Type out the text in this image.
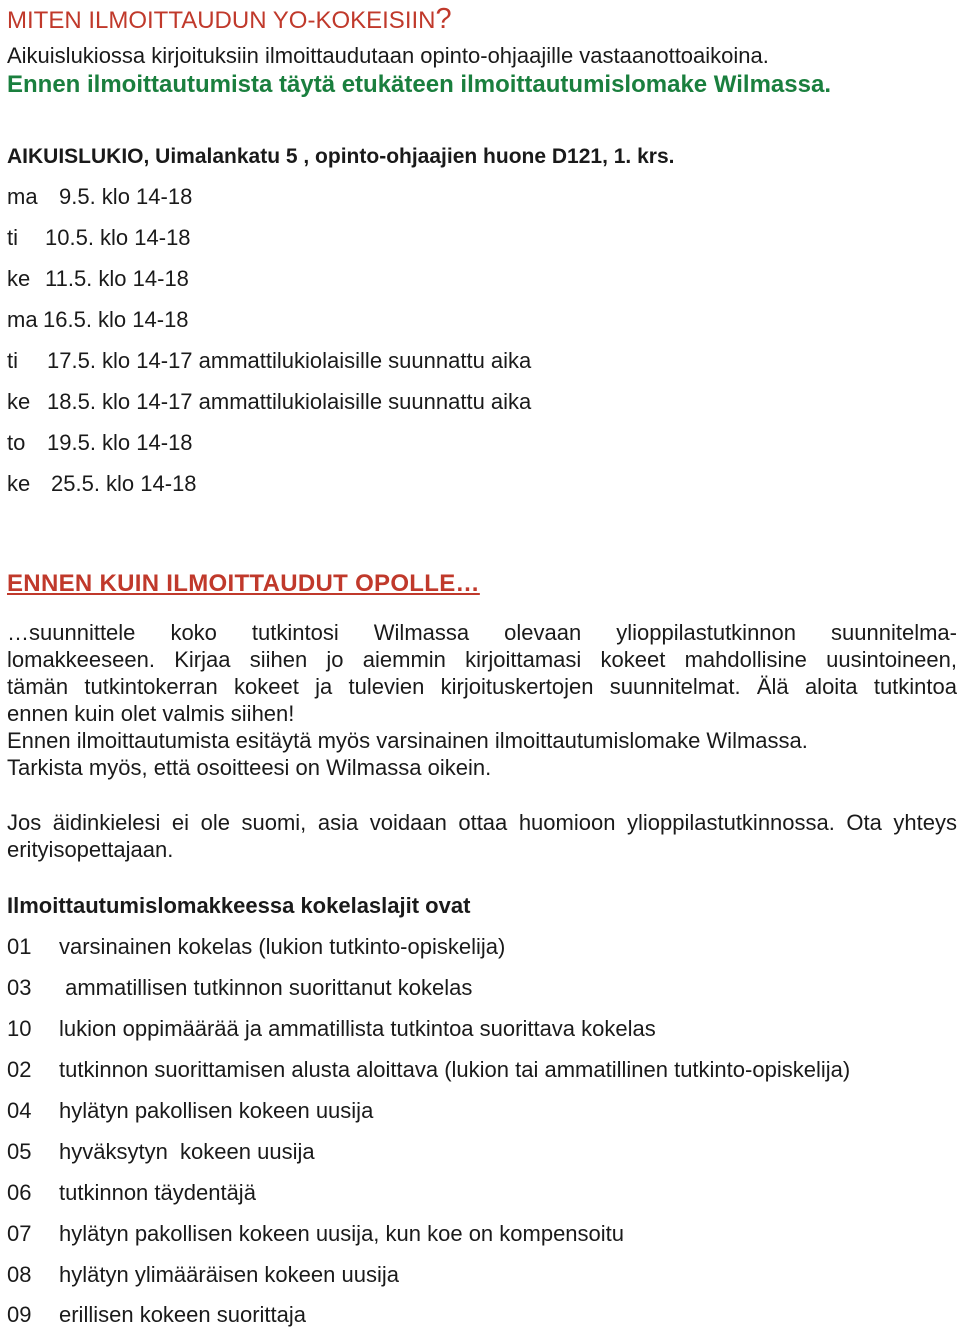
MITEN ILMOITTAUDUN YO-KOKEISIIN?
Aikuislukiossa kirjoituksiin ilmoittaudutaan opinto-ohjaajille vastaanottoaikoina.
Ennen ilmoittautumista täytä etukäteen ilmoittautumislomake Wilmassa.
AIKUISLUKIO, Uimalankatu 5 , opinto-ohjaajien huone D121, 1. krs.
ma 9.5. klo 14-18
ti 10.5. klo 14-18
ke 11.5. klo 14-18
ma 16.5. klo 14-18
ti 17.5. klo 14-17 ammattilukiolaisille suunnattu aika
ke 18.5. klo 14-17 ammattilukiolaisille suunnattu aika
to 19.5. klo 14-18
ke 25.5. klo 14-18
ENNEN KUIN ILMOITTAUDUT OPOLLE…
…suunnittele koko tutkintosi Wilmassa olevaan ylioppilastutkinnon suunnitelma-
lomakkeeseen. Kirjaa siihen jo aiemmin kirjoittamasi kokeet mahdollisine uusintoineen,
tämän tutkintokerran kokeet ja tulevien kirjoituskertojen suunnitelmat. Älä aloita tutkintoa
ennen kuin olet valmis siihen!
Ennen ilmoittautumista esitäytä myös varsinainen ilmoittautumislomake Wilmassa.
Tarkista myös, että osoitteesi on Wilmassa oikein.
Jos äidinkielesi ei ole suomi, asia voidaan ottaa huomioon ylioppilastutkinnossa. Ota yhteys
erityisopettajaan.
Ilmoittautumislomakkeessa kokelaslajit ovat
01 varsinainen kokelas (lukion tutkinto-opiskelija)
03 ammatillisen tutkinnon suorittanut kokelas
10 lukion oppimäärää ja ammatillista tutkintoa suorittava kokelas
02 tutkinnon suorittamisen alusta aloittava (lukion tai ammatillinen tutkinto-opiskelija)
04 hylätyn pakollisen kokeen uusija
05 hyväksytyn  kokeen uusija
06 tutkinnon täydentäjä
07 hylätyn pakollisen kokeen uusija, kun koe on kompensoitu
08 hylätyn ylimääräisen kokeen uusija
09 erillisen kokeen suorittaja
